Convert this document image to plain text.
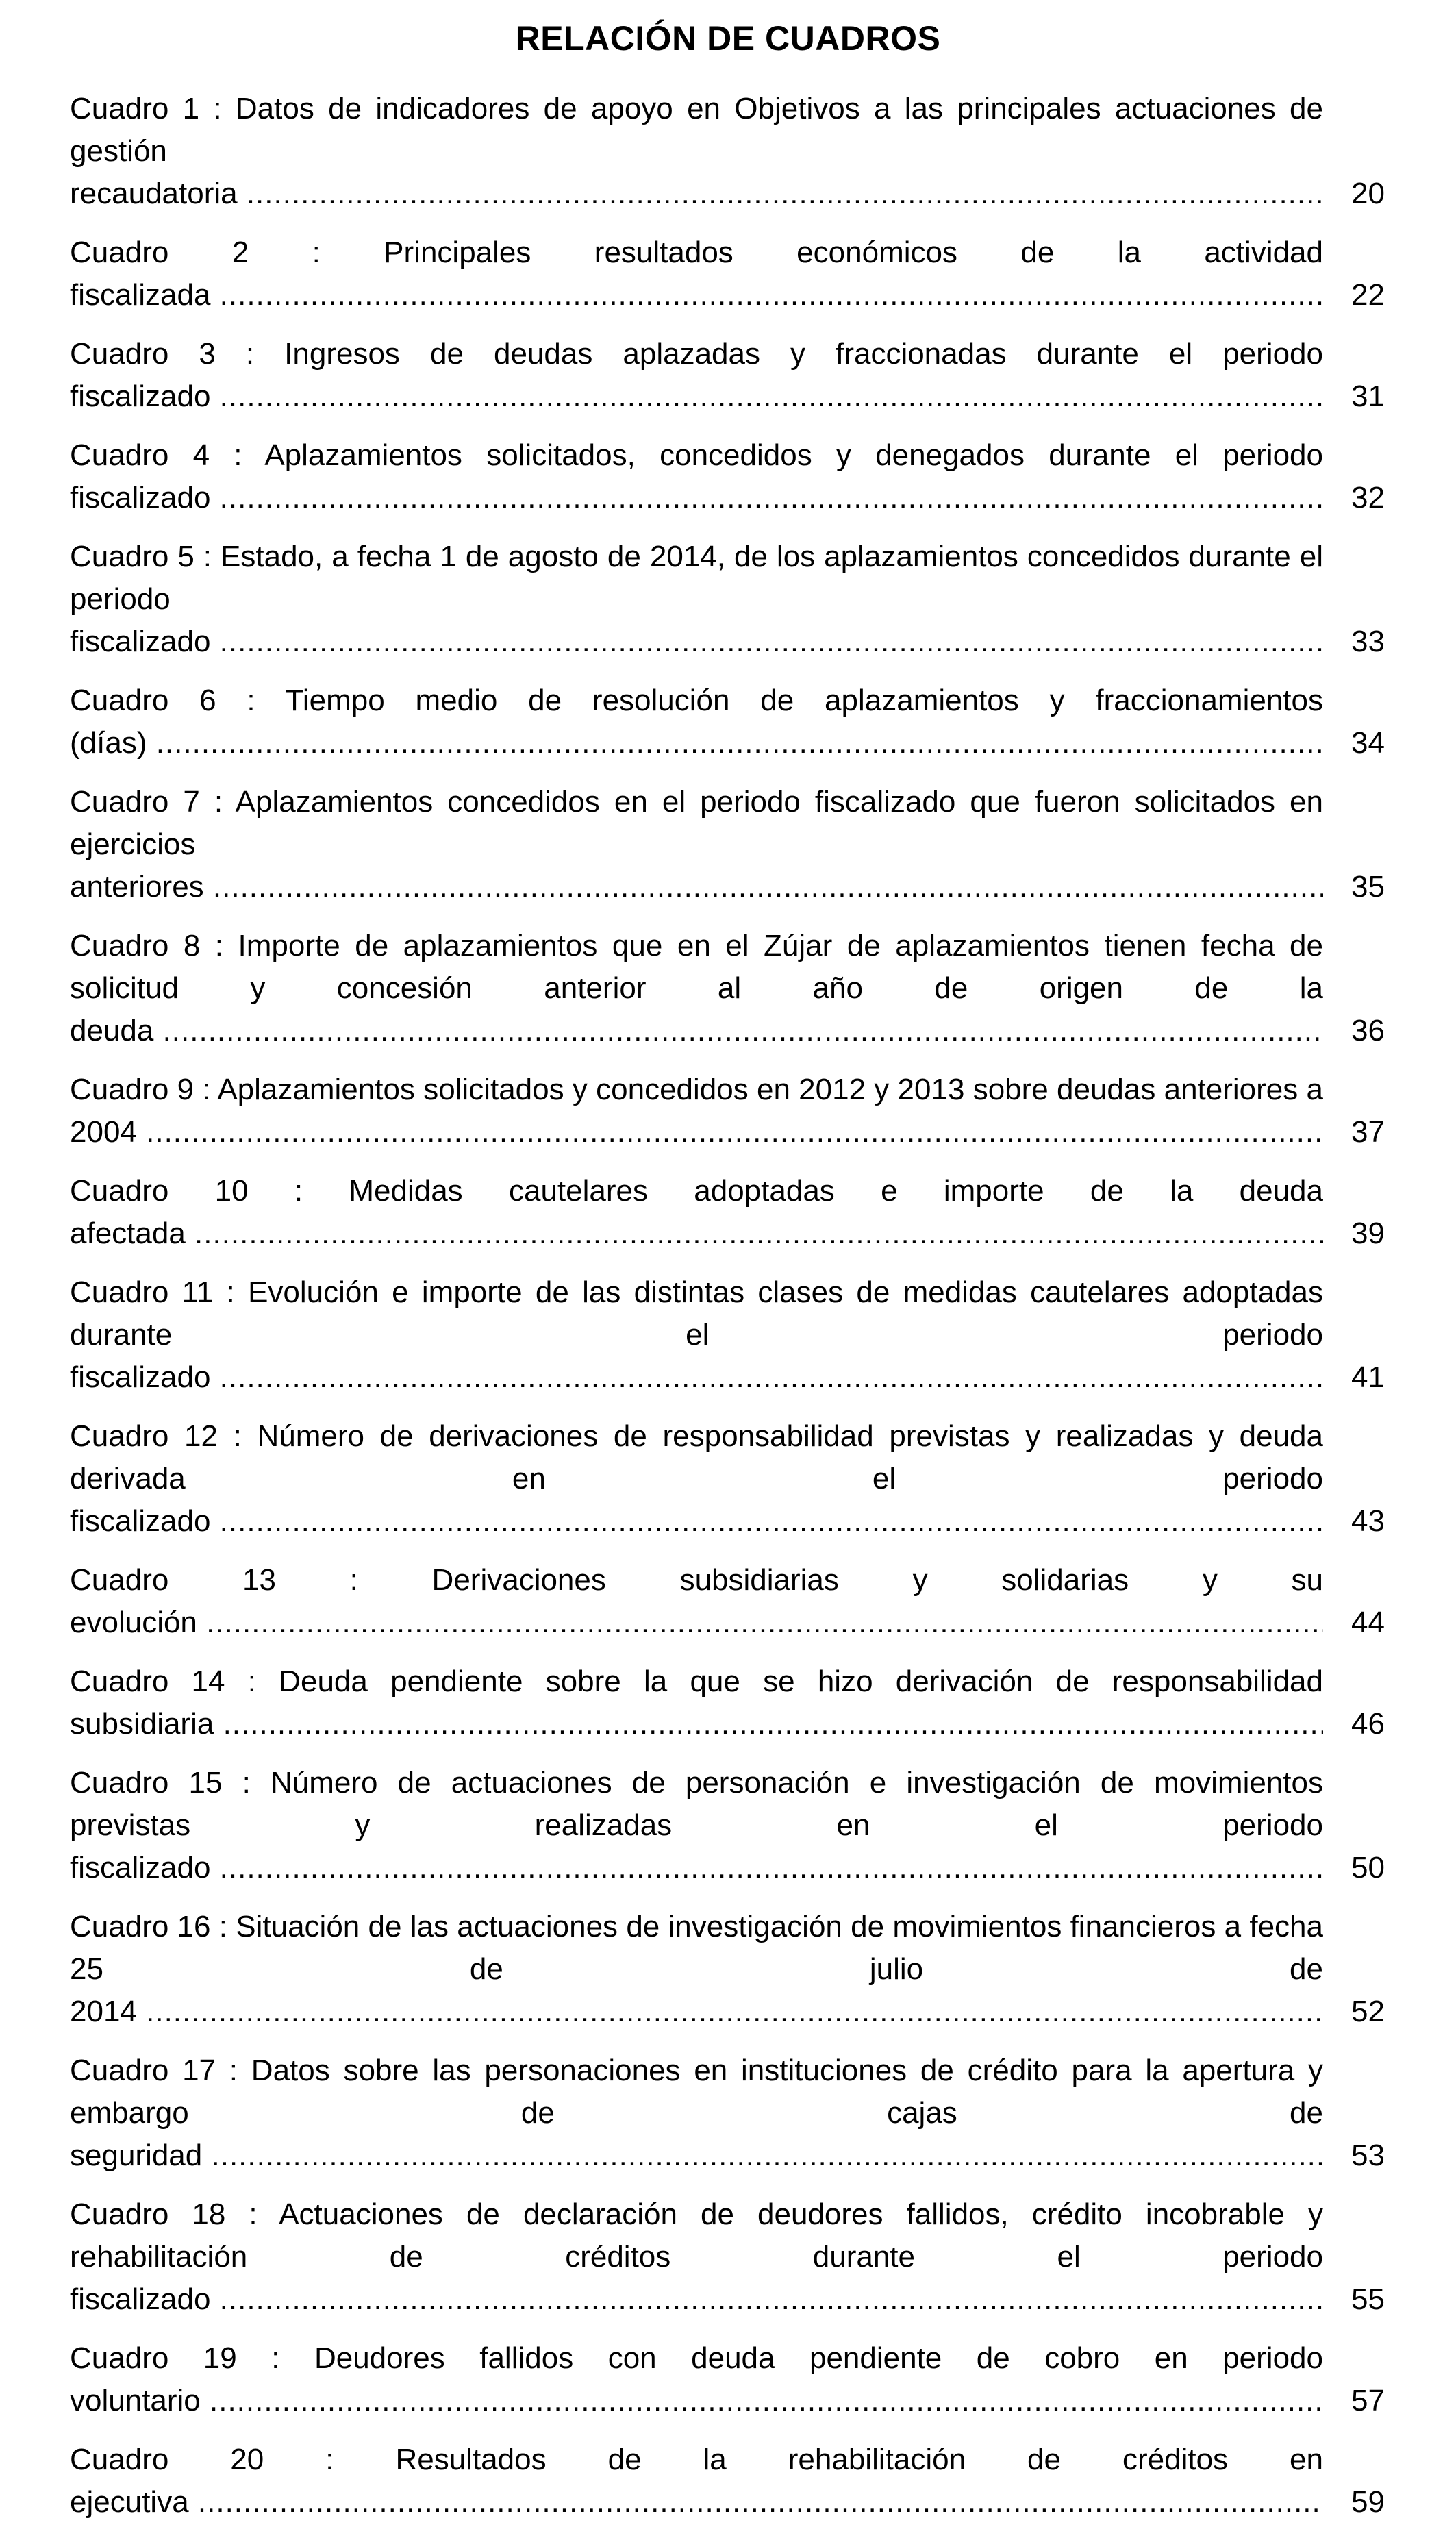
RELACIÓN DE CUADROS
Cuadro 1 : Datos de indicadores de apoyo en Objetivos a las principales actuaciones de gestión recaudatoria .....	20
Cuadro 2 : Principales resultados económicos de la actividad fiscalizada .....	22
Cuadro 3 : Ingresos de deudas aplazadas y fraccionadas durante el periodo fiscalizado .....	31
Cuadro 4 : Aplazamientos solicitados, concedidos y denegados durante el periodo fiscalizado .....	32
Cuadro 5 : Estado, a fecha 1 de agosto de 2014, de los aplazamientos concedidos durante el periodo fiscalizado .....	33
Cuadro 6 : Tiempo medio de resolución de aplazamientos y fraccionamientos (días) .....	34
Cuadro 7 : Aplazamientos concedidos en el periodo fiscalizado que fueron solicitados en ejercicios anteriores .....	35
Cuadro 8 : Importe de aplazamientos que en el Zújar de aplazamientos tienen fecha de solicitud y concesión anterior al año de origen de la deuda .....	36
Cuadro 9 : Aplazamientos solicitados y concedidos en 2012 y 2013 sobre deudas anteriores a 2004 .....	37
Cuadro 10 : Medidas cautelares adoptadas e importe de la deuda afectada .....	39
Cuadro 11 : Evolución e importe de las distintas clases de medidas cautelares adoptadas durante el periodo fiscalizado .....	41
Cuadro 12 : Número de derivaciones de responsabilidad previstas y realizadas y deuda derivada en el periodo fiscalizado .....	43
Cuadro 13 : Derivaciones subsidiarias y solidarias y su evolución .....	44
Cuadro 14 : Deuda pendiente sobre la que se hizo derivación de responsabilidad subsidiaria .....	46
Cuadro 15 : Número de actuaciones de personación e investigación de movimientos previstas y realizadas en el periodo fiscalizado .....	50
Cuadro 16 : Situación de las actuaciones de investigación de movimientos financieros a fecha 25 de julio de 2014 .....	52
Cuadro 17 : Datos sobre las personaciones en instituciones de crédito para la apertura y embargo de cajas de seguridad .....	53
Cuadro 18 : Actuaciones de declaración de deudores fallidos, crédito incobrable y rehabilitación de créditos durante el periodo fiscalizado .....	55
Cuadro 19 : Deudores fallidos con deuda pendiente de cobro en periodo voluntario .....	57
Cuadro 20 : Resultados de la rehabilitación de créditos en ejecutiva .....	59
